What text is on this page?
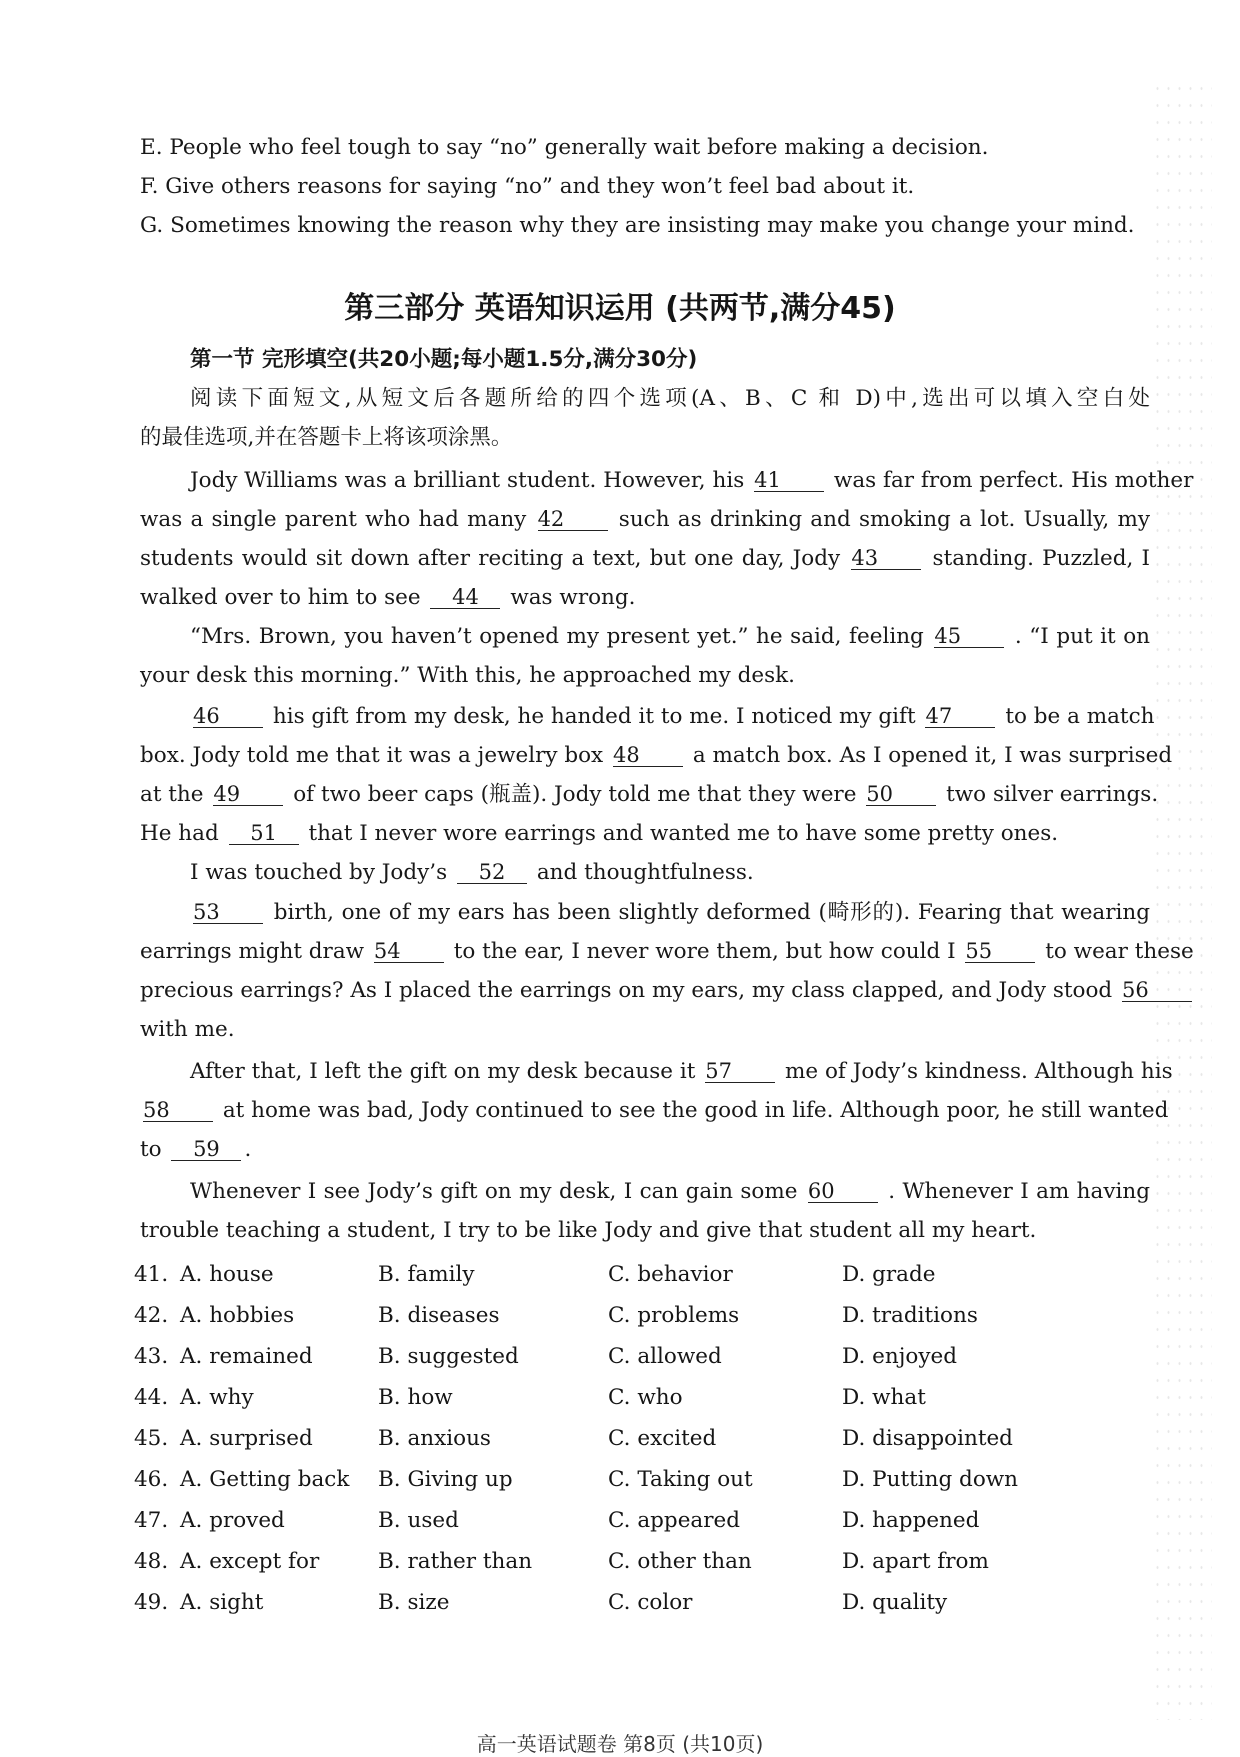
E. People who feel tough to say “no” generally wait before making a decision.
F. Give others reasons for saying “no” and they won’t feel bad about it.
G. Sometimes knowing the reason why they are insisting may make you change your mind.
第三部分 英语知识运用 (共两节,满分45)
第一节 完形填空(共20小题;每小题1.5分,满分30分)
阅读下面短文,从短文后各题所给的四个选项(A、B、C 和 D)中,选出可以填入空白处
的最佳选项,并在答题卡上将该项涂黑。
Jody Williams was a brilliant student. However, his 41 was far from perfect. His mother
was a single parent who had many 42	such as drinking and smoking a lot. Usually, my
students would sit down after reciting a text, but one day, Jody 43	standing. Puzzled, I
walked over to him to see 44 was wrong.
“Mrs. Brown, you haven’t opened my present yet.” he said, feeling 45	. “I put it on
your desk this morning.” With this, he approached my desk.
46 his gift from my desk, he handed it to me. I noticed my gift 47 to be a match
box. Jody told me that it was a jewelry box 48 a match box. As I opened it, I was surprised
at the 49 of two beer caps (瓶盖). Jody told me that they were 50 two silver earrings.
He had 51 that I never wore earrings and wanted me to have some pretty ones.
I was touched by Jody’s 52 and thoughtfulness.
53	birth, one of my ears has been slightly deformed (畸形的). Fearing that wearing
earrings might draw 54 to the ear, I never wore them, but how could I 55 to wear these
precious earrings? As I placed the earrings on my ears, my class clapped, and Jody stood 56
with me.
After that, I left the gift on my desk because it 57 me of Jody’s kindness. Although his
58 at home was bad, Jody continued to see the good in life. Although poor, he still wanted
to 59 .
Whenever I see Jody’s gift on my desk, I can gain some 60 . Whenever I am having
trouble teaching a student, I try to be like Jody and give that student all my heart.
41. A. house	B. family	C. behavior	D. grade
42. A. hobbies	B. diseases	C. problems	D. traditions
43. A. remained	B. suggested	C. allowed	D. enjoyed
44. A. why	B. how	C. who	D. what
45. A. surprised	B. anxious	C. excited	D. disappointed
46. A. Getting back B. Giving up	C. Taking out	D. Putting down
47. A. proved	B. used	C. appeared	D. happened
48. A. except for	B. rather than	C. other than	D. apart from
49. A. sight	B. size	C. color	D. quality
高一英语试题卷 第8页 (共10页)
